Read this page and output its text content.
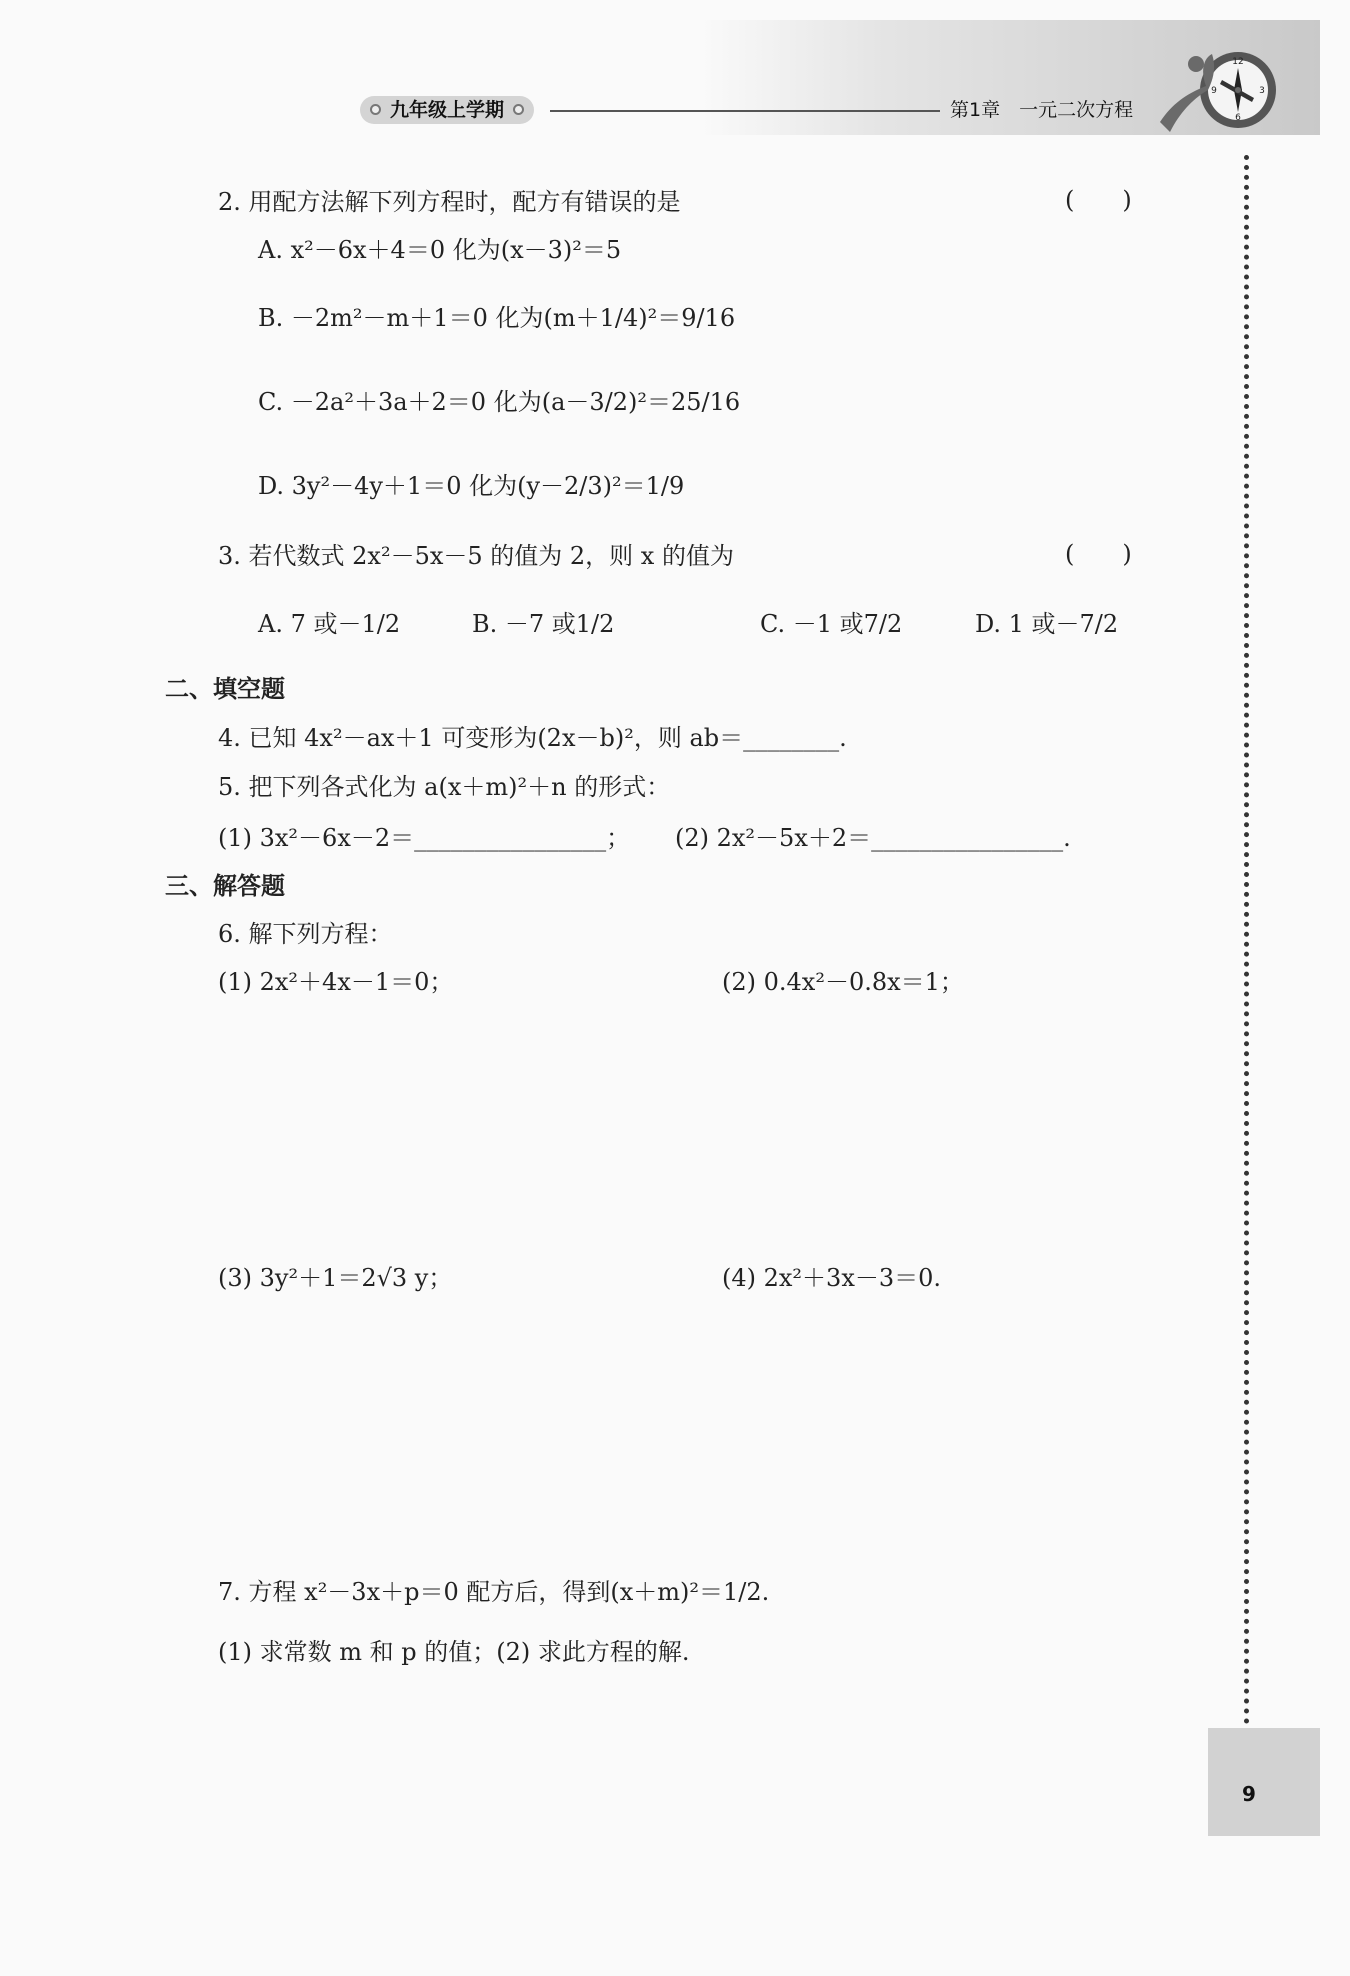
九年级上学期	第1章　一元二次方程
12
3
6
9
9
2. 用配方法解下列方程时，配方有错误的是	(　　)
A. x²－6x＋4＝0 化为(x－3)²＝5
B. －2m²－m＋1＝0 化为(m＋1/4)²＝9/16
C. －2a²＋3a＋2＝0 化为(a－3/2)²＝25/16
D. 3y²－4y＋1＝0 化为(y－2/3)²＝1/9
3. 若代数式 2x²－5x－5 的值为 2，则 x 的值为	(　　)
A. 7 或－1/2	B. －7 或1/2	C. －1 或7/2	D. 1 或－7/2
二、填空题
4. 已知 4x²－ax＋1 可变形为(2x－b)²，则 ab＝________.
5. 把下列各式化为 a(x＋m)²＋n 的形式：
(1) 3x²－6x－2＝________________； (2) 2x²－5x＋2＝________________.
三、解答题
6. 解下列方程：
(1) 2x²＋4x－1＝0；	(2) 0.4x²－0.8x＝1；
(3) 3y²＋1＝2√3 y；	(4) 2x²＋3x－3＝0.
7. 方程 x²－3x＋p＝0 配方后，得到(x＋m)²＝1/2.
(1) 求常数 m 和 p 的值；(2) 求此方程的解.
